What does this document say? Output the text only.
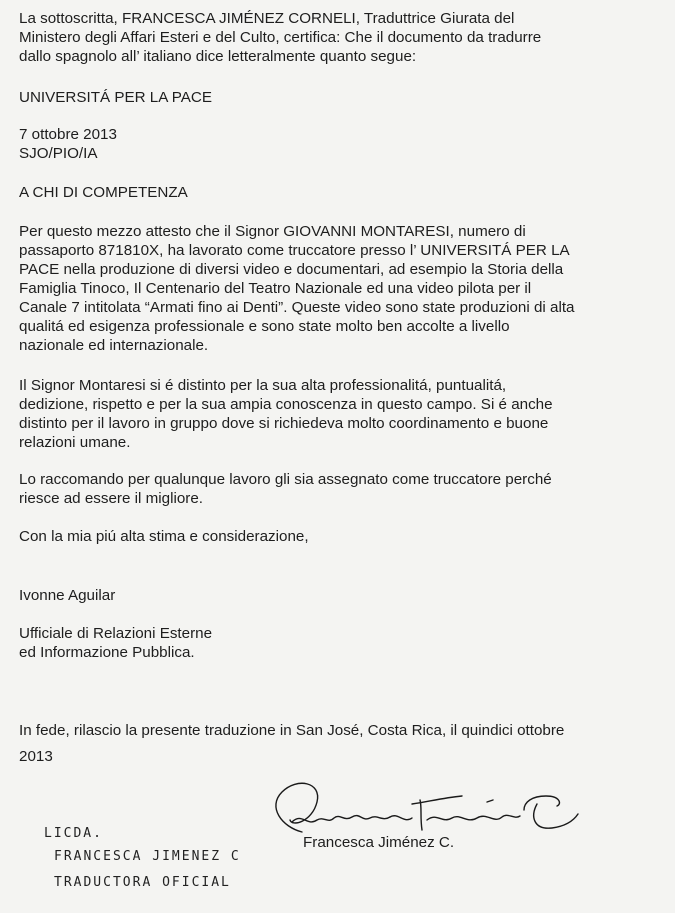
La sottoscritta, FRANCESCA JIMÉNEZ CORNELI, Traduttrice Giurata del
Ministero degli Affari Esteri e del Culto, certifica: Che il documento da tradurre
dallo spagnolo all’ italiano dice letteralmente quanto segue:
UNIVERSITÁ PER LA PACE
7 ottobre 2013
SJO/PIO/IA
A CHI DI COMPETENZA
Per questo mezzo attesto che il Signor GIOVANNI MONTARESI, numero di
passaporto 871810X, ha lavorato come truccatore presso l’ UNIVERSITÁ PER LA
PACE nella produzione di diversi video e documentari, ad esempio la Storia della
Famiglia Tinoco, Il Centenario del Teatro Nazionale ed una video pilota per il
Canale 7 intitolata “Armati fino ai Denti”. Queste video sono state produzioni di alta
qualitá ed esigenza professionale e sono state molto ben accolte a livello
nazionale ed internazionale.
Il Signor Montaresi si é distinto per la sua alta professionalitá, puntualitá,
dedizione, rispetto e per la sua ampia conoscenza in questo campo. Si é anche
distinto per il lavoro in gruppo dove si richiedeva molto coordinamento e buone
relazioni umane.
Lo raccomando per qualunque lavoro gli sia assegnato come truccatore perché
riesce ad essere il migliore.
Con la mia piú alta stima e considerazione,
Ivonne Aguilar
Ufficiale di Relazioni Esterne
ed Informazione Pubblica.
In fede, rilascio la presente traduzione in San José, Costa Rica, il quindici ottobre
2013
LICDA.
FRANCESCA JIMENEZ C
TRADUCTORA OFICIAL
Francesca Jiménez C.
